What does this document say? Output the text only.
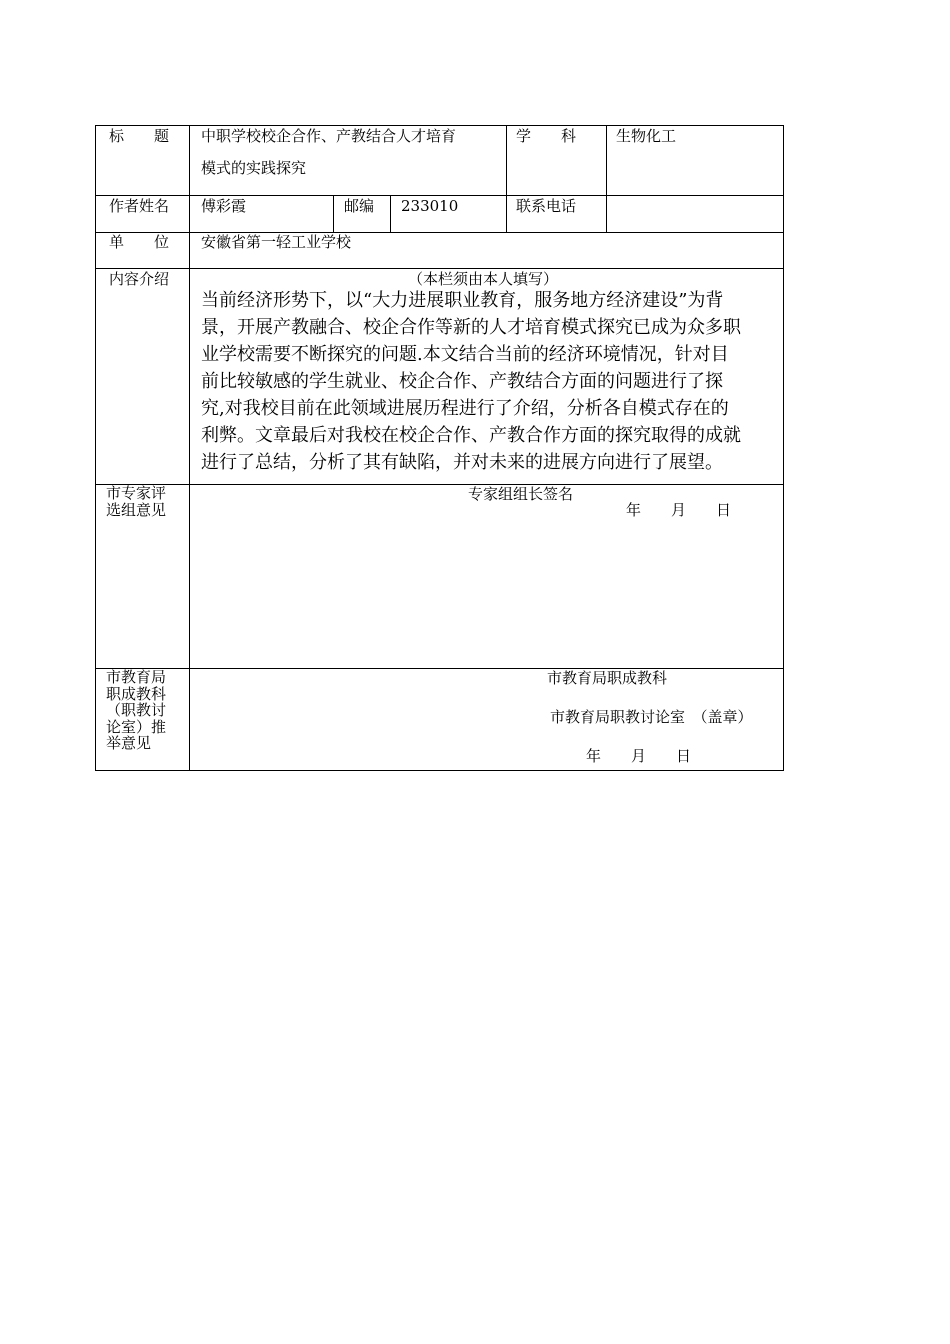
标　　题 中职学校校企合作、产教结合人才培育
模式的实践探究
学　　科	生物化工
作者姓名 傅彩霞	邮编 233010	联系电话
单　　位 安徽省第一轻工业学校
内容介绍	（本栏须由本人填写）
当前经济形势下，以“大力进展职业教育，服务地方经济建设”为背
景，开展产教融合、校企合作等新的人才培育模式探究已成为众多职
业学校需要不断探究的问题.本文结合当前的经济环境情况，针对目
前比较敏感的学生就业、校企合作、产教结合方面的问题进行了探
究,对我校目前在此领域进展历程进行了介绍，分析各自模式存在的
利弊。文章最后对我校在校企合作、产教合作方面的探究取得的成就
进行了总结，分析了其有缺陷，并对未来的进展方向进行了展望。
市专家评
选组意见
专家组组长签名
年　　月　　日
市教育局
职成教科
（职教讨
论室）推
举意见
市教育局职成教科
市教育局职教讨论室　（盖章）
年　　月　　日
